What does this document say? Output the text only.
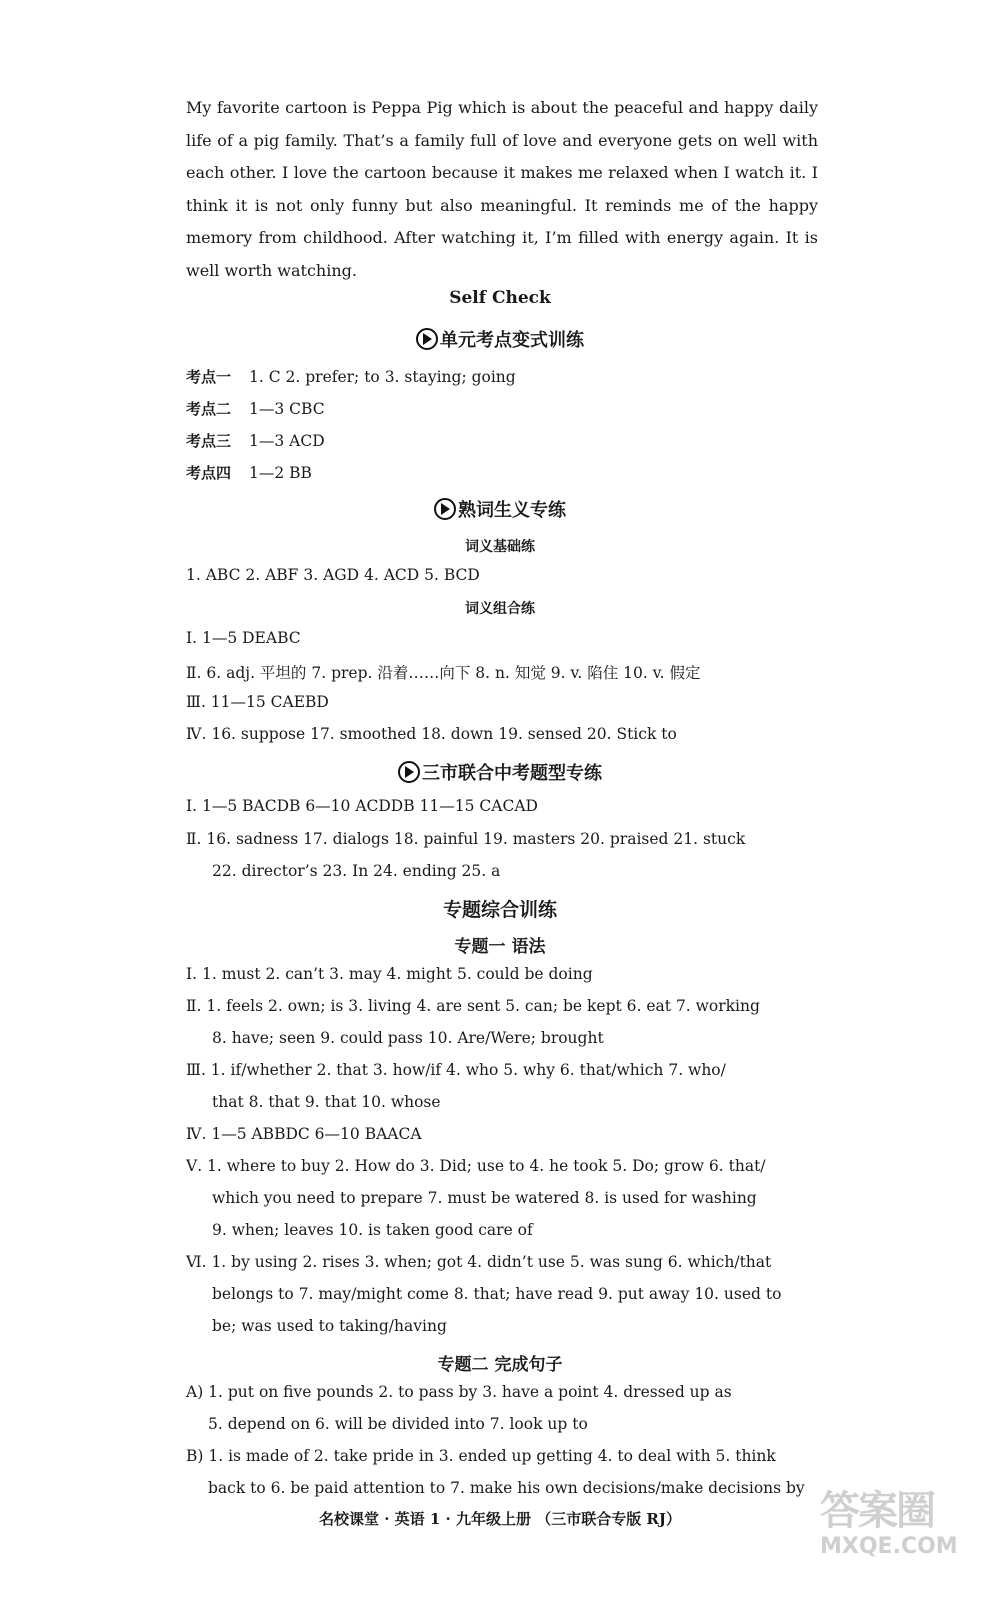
My favorite cartoon is Peppa Pig which is about the peaceful and happy daily life of a pig family. That’s a family full of love and everyone gets on well with each other. I love the cartoon because it makes me relaxed when I watch it. I think it is not only funny but also meaningful. It reminds me of the happy memory from childhood. After watching it, I’m filled with energy again. It is well worth watching.

Self Check
单元考点变式训练
考点一 1. C 2. prefer; to 3. staying; going
考点二 1—3 CBC
考点三 1—3 ACD
考点四 1—2 BB
熟词生义专练
词义基础练
1. ABC 2. ABF 3. AGD 4. ACD 5. BCD
词义组合练
Ⅰ. 1—5 DEABC
Ⅱ. 6. adj. 平坦的 7. prep. 沿着……向下 8. n. 知觉 9. v. 陷住 10. v. 假定
Ⅲ. 11—15 CAEBD
Ⅳ. 16. suppose 17. smoothed 18. down 19. sensed 20. Stick to
三市联合中考题型专练
Ⅰ. 1—5 BACDB 6—10 ACDDB 11—15 CACAD
Ⅱ. 16. sadness 17. dialogs 18. painful 19. masters 20. praised 21. stuck
22. director’s 23. In 24. ending 25. a
专题综合训练
专题一 语法
Ⅰ. 1. must 2. can’t 3. may 4. might 5. could be doing
Ⅱ. 1. feels 2. own; is 3. living 4. are sent 5. can; be kept 6. eat 7. working
8. have; seen 9. could pass 10. Are/Were; brought
Ⅲ. 1. if/whether 2. that 3. how/if 4. who 5. why 6. that/which 7. who/
that 8. that 9. that 10. whose
Ⅳ. 1—5 ABBDC 6—10 BAACA
Ⅴ. 1. where to buy 2. How do 3. Did; use to 4. he took 5. Do; grow 6. that/
which you need to prepare 7. must be watered 8. is used for washing
9. when; leaves 10. is taken good care of
Ⅵ. 1. by using 2. rises 3. when; got 4. didn’t use 5. was sung 6. which/that
belongs to 7. may/might come 8. that; have read 9. put away 10. used to
be; was used to taking/having
专题二 完成句子
A) 1. put on five pounds 2. to pass by 3. have a point 4. dressed up as
5. depend on 6. will be divided into 7. look up to
B) 1. is made of 2. take pride in 3. ended up getting 4. to deal with 5. think
back to 6. be paid attention to 7. make his own decisions/make decisions by
名校课堂 · 英语 1 · 九年级上册 （三市联合专版 RJ）	答案圈
MXQE.COM
